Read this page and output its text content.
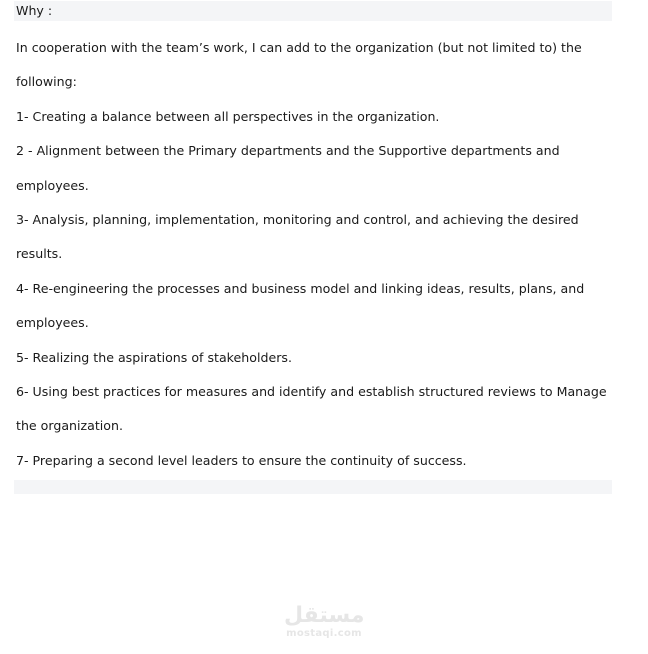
Why :

In cooperation with the team’s work, I can add to the organization (but not limited to) the

following:

1- Creating a balance between all perspectives in the organization.

2 - Alignment between the Primary departments and the Supportive departments and

employees.

3- Analysis, planning, implementation, monitoring and control, and achieving the desired

results.

4- Re-engineering the processes and business model and linking ideas, results, plans, and

employees.

5- Realizing the aspirations of stakeholders.

6- Using best practices for measures and identify and establish structured reviews to Manage

the organization.

7- Preparing a second level leaders to ensure the continuity of success.

مستقل
mostaqi.com
